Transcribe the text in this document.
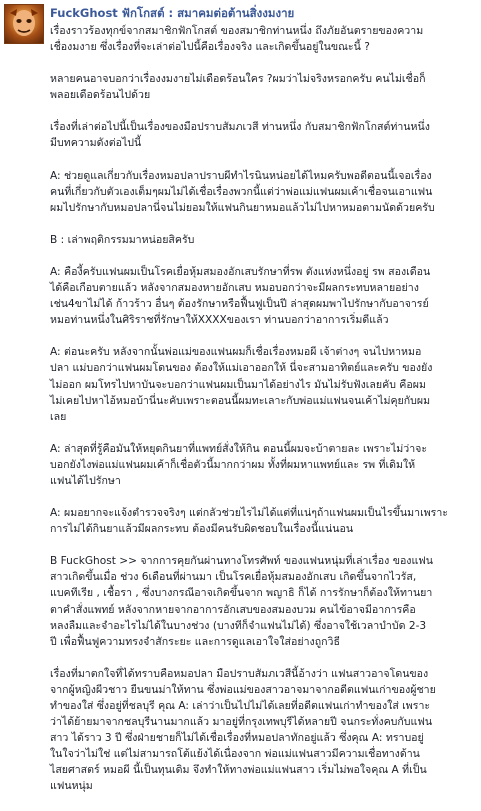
FuckGhost ฟักโกสต์ : สมาคมต่อต้านสิ่งงมงาย
เรื่องราวร้องทุกข์จากสมาชิกฟักโกสต์ ของสมาชิกท่านหนึ่ง ถึงภัยอันตรายของความ
เชื่องมงาย ซึ่งเรื่องที่จะเล่าต่อไปนี้คือเรื่องจริง และเกิดขึ้นอยู่ในขณะนี้ ?
หลายคนอาจบอกว่าเรื่องงมงายไม่เดือดร้อนใคร ?ผมว่าไม่จริงหรอกครับ คนไม่เชื่อก็
พลอยเดือดร้อนไปด้วย
เรื่องที่เล่าต่อไปนี้เป็นเรื่องของมือปราบสัมภเวสี ท่านหนึ่ง กับสมาชิกฟักโกสต์ท่านหนึ่ง
มีบทความดังต่อไปนี้
A: ช่วยดูแลเกี่ยวกับเรื่องหมอปลาปราบผีทำไรนินหน่อยได้ไหมครับพอดีตอนนี้เจอเรื่อง
คนที่เกี่ยวกับตัวเองเต็มๆผมไม่ได้เชื่อเรื่องพวกนี้แต่ว่าพ่อแม่แฟนผมเค้าเชื่อจนเอาแฟน
ผมไปรักษากับหมอปลานี่จนไม่ยอมให้แฟนกินยาหมอแล้วไม่ไปหาหมอตามนัดด้วยครับ
B : เล่าพฤติกรรมมาหน่อยสิครับ
A: คืองี้ครับแฟนผมเป็นโรคเยื่อหุ้มสมองอักเสบรักษาที่รพ ตังแห่งหนึ่งอยู่ รพ สองเดือน
ได้คือเกือบตายแล้ว หลังจากสมองหายอักเสบ หมอบอกว่าจะมีผลกระทบหลายอย่าง
เช่น4ขาไม่ได้ ก้าวร้าว อื่นๆ ต้องรักษาหรือฟื้นฟูเป็นปี ล่าสุดผมพาไปรักษากับอาจารย์
หมอท่านหนึ่งในศิริราชที่รักษาให้XXXXของเรา ท่านบอกว่าอาการเริ่มดีแล้ว
A: ต่อนะครับ หลังจากนั้นพ่อแม่ของแฟนผมก็เชื่อเรื่องหมอผี เจ้าต่างๆ จนไปหาหมอ
ปลา แม่บอกว่าแฟนผมโดนของ ต้องให้แม่เอาออกให้ นี่จะสามอาทิตย์และครับ ของยัง
ไม่ออก ผมโทรไปหาบันจะบอกว่าแฟนผมเป็นมาได้อย่างไร มันไม่รับฟังเลยคับ คือผม
ไม่เคยไปหาไอ้หมอบ้านี่นะคับเพราะตอนนี้ผมทะเลาะกับพ่อแม่แฟนจนเค้าไม่คุยกับผม
เลย
A: ล่าสุดที่รู้คือมันให้หยุดกินยาที่แพทย์สั่งให้กิน ตอนนี้ผมจะบ้าตายละ เพราะไม่ว่าจะ
บอกยังไงพ่อแม่แฟนผมเค้าก็เชื่อตัวนี้มากกว่าผม ทั้งที่ผมหาแพทย์และ รพ ที่เดิมให้
แฟนได้ไปรักษา
A: ผมอยากจะแจ้งตำรวจจริงๆ แต่กลัวช่วยไรไม่ได้แต่ที่แน่ๆถ้าแฟนผมเป็นไรขึ้นมาเพราะ
การไม่ได้กินยาแล้วมีผลกระทบ ต้องมีคนรับผิดชอบในเรื่องนี้แน่นอน
B FuckGhost >> จากการคุยกันผ่านทางโทรศัพท์ ของแฟนหนุ่มที่เล่าเรื่อง ของแฟน
สาวเกิดขึ้นเมื่อ ช่วง 6เดือนที่ผ่านมา เป็นโรคเยื่อหุ้มสมองอักเสบ เกิดขึ้นจากไวรัส,
แบคทีเรีย , เชื้อรา , ซึ่งบางกรณีอาจเกิดขึ้นจาก พญาธิ ก็ได้ การรักษาก็ต้องให้ทานยา
ตาคำสั่งแพทย์ หลังจากหายจากอาการอักเสบของสมองบวม คนไข้อาจมีอาการคือ
หลงลืมและจำอะไรไม่ได้ในบางช่วง (บางทีก็จำแฟนไม่ได้) ซึ่งอาจใช้เวลาบำบัด 2-3
ปี เพื่อฟื้นฟูความทรงจำสักระยะ และการดูแลเอาใจใส่อย่างถูกวิธี
เรื่องที่มาตกใจที่ได้ทราบคือหมอปลา มือปราบสัมภเวสีนี้อ้างว่า แฟนสาวอาจโดนของ
จากผู้หญิงผีวชาว ยืนขนม่าให้ทาน ซึ่งพ่อแม่ของสาวอาจมาจากอดีตแฟนเก่าของผู้ชาย
ทำของใส่ ซึ่งอยู่ที่ชลบุรี คุณ A: เล่าว่าเป็นไปไม่ได้เลยที่อดีตแฟนเก่าทำของใส่ เพราะ
ว่าได้ย้ายมาจากชลบุรีนานมากแล้ว มาอยู่ที่กรุงเทพบุรีได้หลายปี จนกระทั่งคบกับแฟน
สาว ได้ราว 3 ปี ซึ่งฝ่ายชายก็ไม่ได้เชื่อเรื่องที่หมอปลาทักอยู่แล้ว ซึ่งคุณ A: ทราบอยู่
ในใจว่าไม่ใช่ แต่ไม่สามารถโต้แย้งได้เนื่องจาก พ่อแม่แฟนสาวมีความเชื่อทางด้าน
ไสยศาสตร์ หมอผี นี้เป็นทุนเดิม จึงทำให้ทางพ่อแม่แฟนสาว เริ่มไม่พอใจคุณ A ที่เป็น
แฟนหนุ่ม
